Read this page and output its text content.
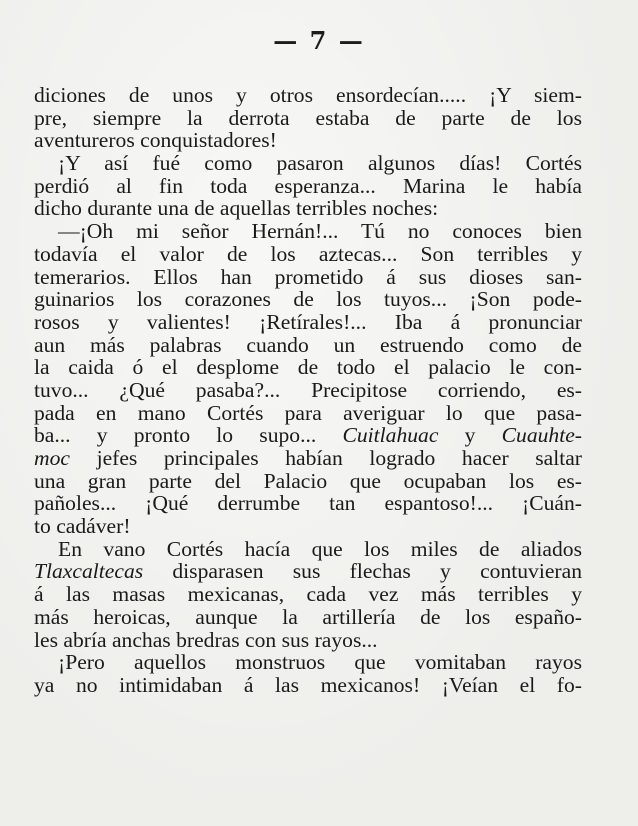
— 7 —
diciones de unos y otros ensordecían..... ¡Y siem-
pre, siempre la derrota estaba de parte de los
aventureros conquistadores!
¡Y así fué como pasaron algunos días! Cortés
perdió al fin toda esperanza... Marina le había
dicho durante una de aquellas terribles noches:
—¡Oh mi señor Hernán!... Tú no conoces bien
todavía el valor de los aztecas... Son terribles y
temerarios. Ellos han prometido á sus dioses san-
guinarios los corazones de los tuyos... ¡Son pode-
rosos y valientes! ¡Retírales!... Iba á pronunciar
aun más palabras cuando un estruendo como de
la caida ó el desplome de todo el palacio le con-
tuvo... ¿Qué pasaba?... Precipitose corriendo, es-
pada en mano Cortés para averiguar lo que pasa-
ba... y pronto lo supo... Cuitlahuac y Cuauhte-
moc jefes principales habían logrado hacer saltar
una gran parte del Palacio que ocupaban los es-
pañoles... ¡Qué derrumbe tan espantoso!... ¡Cuán-
to cadáver!
En vano Cortés hacía que los miles de aliados
Tlaxcaltecas disparasen sus flechas y contuvieran
á las masas mexicanas, cada vez más terribles y
más heroicas, aunque la artillería de los españo-
les abría anchas bredras con sus rayos...
¡Pero aquellos monstruos que vomitaban rayos
ya no intimidaban á las mexicanos! ¡Veían el fo-
